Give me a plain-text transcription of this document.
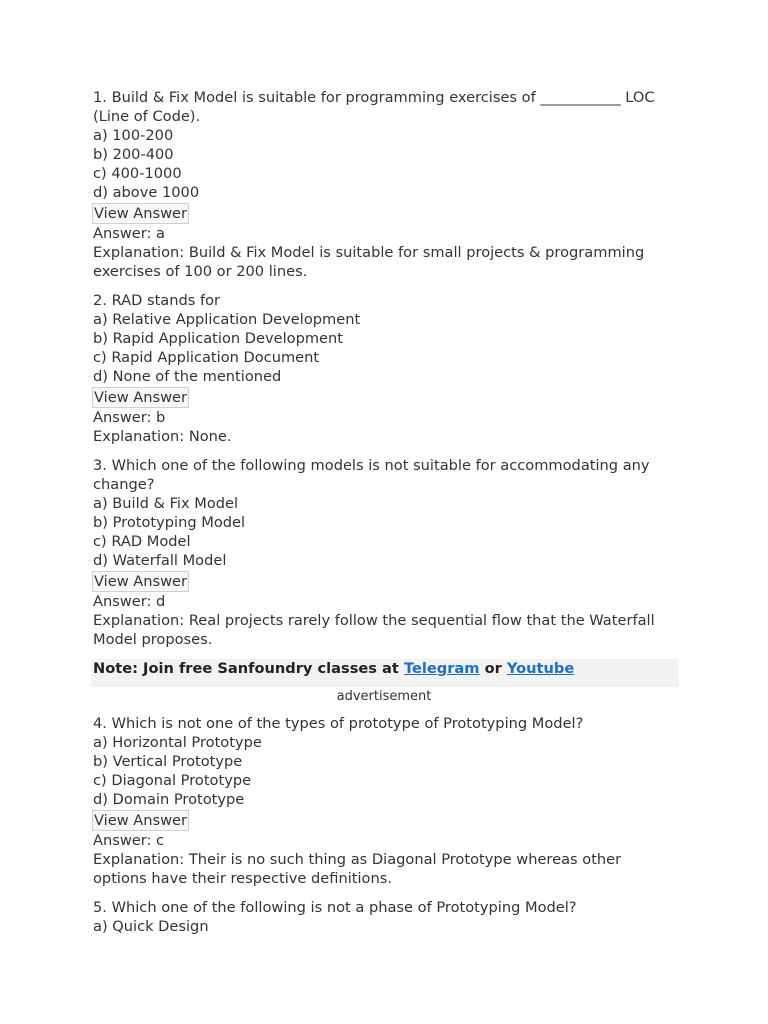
1. Build & Fix Model is suitable for programming exercises of ___________ LOC (Line of Code).
a) 100-200
b) 200-400
c) 400-1000
d) above 1000
View Answer
Answer: a
Explanation: Build & Fix Model is suitable for small projects & programming exercises of 100 or 200 lines.
2. RAD stands for
a) Relative Application Development
b) Rapid Application Development
c) Rapid Application Document
d) None of the mentioned
View Answer
Answer: b
Explanation: None.
3. Which one of the following models is not suitable for accommodating any change?
a) Build & Fix Model
b) Prototyping Model
c) RAD Model
d) Waterfall Model
View Answer
Answer: d
Explanation: Real projects rarely follow the sequential flow that the Waterfall Model proposes.
Note: Join free Sanfoundry classes at Telegram or Youtube
advertisement
4. Which is not one of the types of prototype of Prototyping Model?
a) Horizontal Prototype
b) Vertical Prototype
c) Diagonal Prototype
d) Domain Prototype
View Answer
Answer: c
Explanation: Their is no such thing as Diagonal Prototype whereas other options have their respective definitions.
5. Which one of the following is not a phase of Prototyping Model?
a) Quick Design
